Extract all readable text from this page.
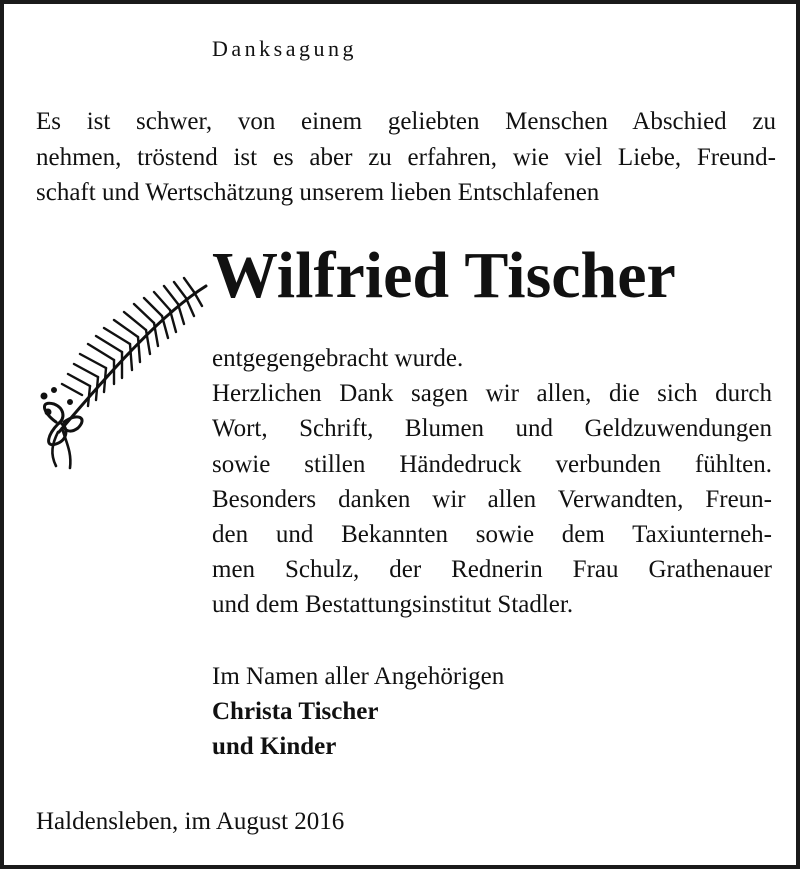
Danksagung
Es ist schwer, von einem geliebten Menschen Abschied zu
nehmen, tröstend ist es aber zu erfahren, wie viel Liebe, Freund-
schaft und Wertschätzung unserem lieben Entschlafenen
Wilfried Tischer
entgegengebracht wurde.
Herzlichen Dank sagen wir allen, die sich durch
Wort, Schrift, Blumen und Geldzuwendungen
sowie stillen Händedruck verbunden fühlten.
Besonders danken wir allen Verwandten, Freun-
den und Bekannten sowie dem Taxiunterneh-
men Schulz, der Rednerin Frau Grathenauer
und dem Bestattungsinstitut Stadler.
Im Namen aller Angehörigen
Christa Tischer
und Kinder
Haldensleben, im August 2016
